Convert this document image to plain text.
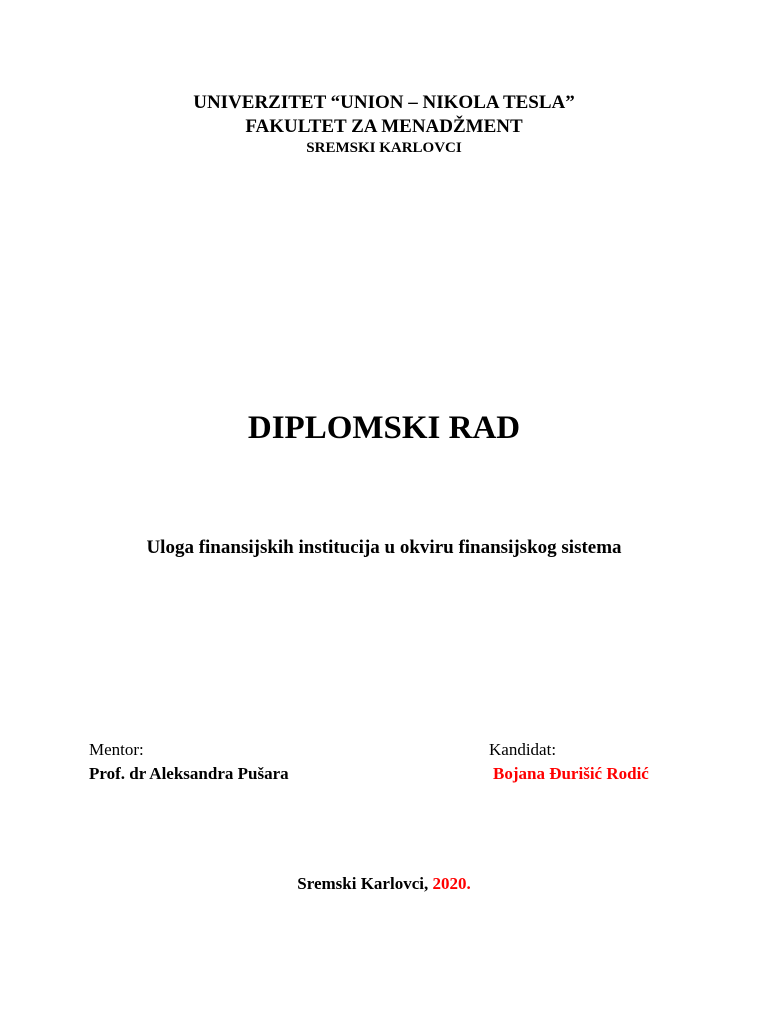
UNIVERZITET “UNION – NIKOLA TESLA”
FAKULTET ZA MENADŽMENT
SREMSKI KARLOVCI
DIPLOMSKI RAD
Uloga finansijskih institucija u okviru finansijskog sistema
Mentor:
Prof. dr Aleksandra Pušara
Kandidat:
Bojana Đurišić Rodić
Sremski Karlovci, 2020.
